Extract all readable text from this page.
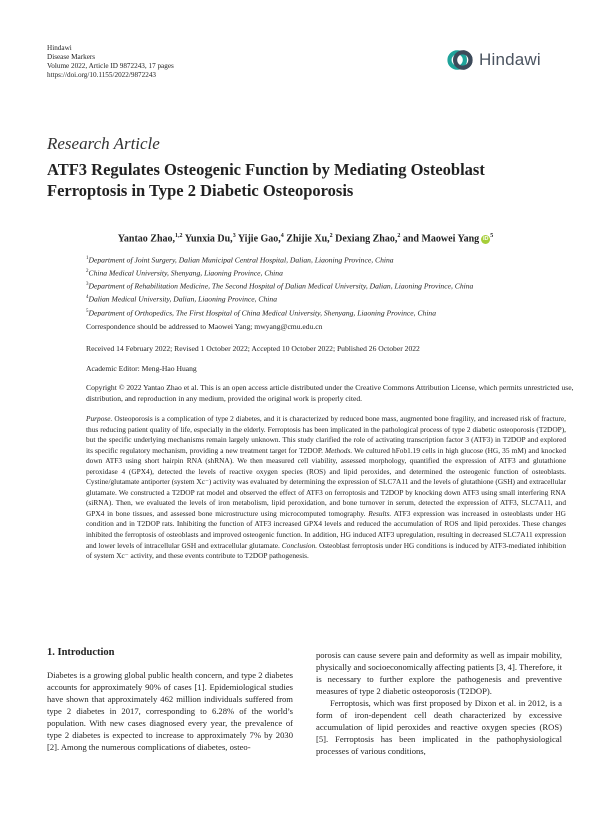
Hindawi
Disease Markers
Volume 2022, Article ID 9872243, 17 pages
https://doi.org/10.1155/2022/9872243
Hindawi
Research Article
ATF3 Regulates Osteogenic Function by Mediating Osteoblast Ferroptosis in Type 2 Diabetic Osteoporosis
Yantao Zhao,$^{1,2}$ Yunxia Du,$^3$ Yijie Gao,$^4$ Zhijie Xu,$^2$ Dexiang Zhao,$^2$ and Maowei Yang iD $^5$
$^1$Department of Joint Surgery, Dalian Municipal Central Hospital, Dalian, Liaoning Province, China
$^2$China Medical University, Shenyang, Liaoning Province, China
$^3$Department of Rehabilitation Medicine, The Second Hospital of Dalian Medical University, Dalian, Liaoning Province, China
$^4$Dalian Medical University, Dalian, Liaoning Province, China
$^5$Department of Orthopedics, The First Hospital of China Medical University, Shenyang, Liaoning Province, China
Correspondence should be addressed to Maowei Yang; mwyang@cmu.edu.cn
Received 14 February 2022; Revised 1 October 2022; Accepted 10 October 2022; Published 26 October 2022
Academic Editor: Meng-Hao Huang
Copyright © 2022 Yantao Zhao et al. This is an open access article distributed under the Creative Commons Attribution License, which permits unrestricted use, distribution, and reproduction in any medium, provided the original work is properly cited.
Purpose. Osteoporosis is a complication of type 2 diabetes, and it is characterized by reduced bone mass, augmented bone fragility, and increased risk of fracture, thus reducing patient quality of life, especially in the elderly. Ferroptosis has been implicated in the pathological process of type 2 diabetic osteoporosis (T2DOP), but the specific underlying mechanisms remain largely unknown. This study clarified the role of activating transcription factor 3 (ATF3) in T2DOP and explored its specific regulatory mechanism, providing a new treatment target for T2DOP. Methods. We cultured hFob1.19 cells in high glucose (HG, 35 mM) and knocked down ATF3 using short hairpin RNA (shRNA). We then measured cell viability, assessed morphology, quantified the expression of ATF3 and glutathione peroxidase 4 (GPX4), detected the levels of reactive oxygen species (ROS) and lipid peroxides, and determined the osteogenic function of osteoblasts. Cystine/glutamate antiporter (system Xc⁻) activity was evaluated by determining the expression of SLC7A11 and the levels of glutathione (GSH) and extracellular glutamate. We constructed a T2DOP rat model and observed the effect of ATF3 on ferroptosis and T2DOP by knocking down ATF3 using small interfering RNA (siRNA). Then, we evaluated the levels of iron metabolism, lipid peroxidation, and bone turnover in serum, detected the expression of ATF3, SLC7A11, and GPX4 in bone tissues, and assessed bone microstructure using microcomputed tomography. Results. ATF3 expression was increased in osteoblasts under HG condition and in T2DOP rats. Inhibiting the function of ATF3 increased GPX4 levels and reduced the accumulation of ROS and lipid peroxides. These changes inhibited the ferroptosis of osteoblasts and improved osteogenic function. In addition, HG induced ATF3 upregulation, resulting in decreased SLC7A11 expression and lower levels of intracellular GSH and extracellular glutamate. Conclusion. Osteoblast ferroptosis under HG conditions is induced by ATF3-mediated inhibition of system Xc⁻ activity, and these events contribute to T2DOP pathogenesis.
1. Introduction

Diabetes is a growing global public health concern, and type 2 diabetes accounts for approximately 90% of cases [1]. Epidemiological studies have shown that approximately 462 million individuals suffered from type 2 diabetes in 2017, corresponding to 6.28% of the world’s population. With new cases diagnosed every year, the prevalence of type 2 diabetes is expected to increase to approximately 7% by 2030 [2]. Among the numerous complications of diabetes, osteo-

porosis can cause severe pain and deformity as well as impair mobility, physically and socioeconomically affecting patients [3, 4]. Therefore, it is necessary to further explore the pathogenesis and preventive measures of type 2 diabetic osteoporosis (T2DOP).

Ferroptosis, which was first proposed by Dixon et al. in 2012, is a form of iron-dependent cell death characterized by excessive accumulation of lipid peroxides and reactive oxygen species (ROS) [5]. Ferroptosis has been implicated in the pathophysiological processes of various conditions,
